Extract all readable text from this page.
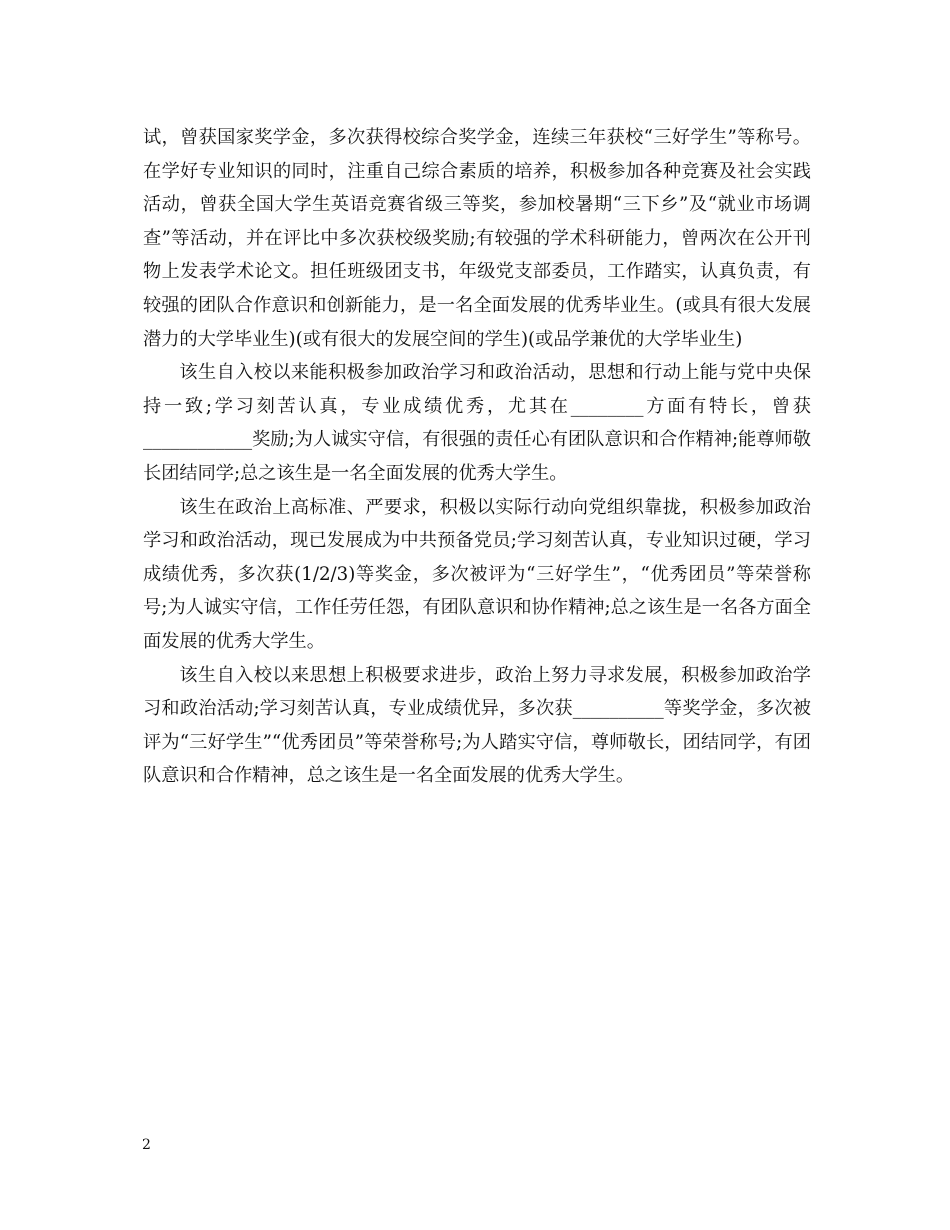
试，曾获国家奖学金，多次获得校综合奖学金，连续三年获校“三好学生”等称号。在学好专业知识的同时，注重自己综合素质的培养，积极参加各种竞赛及社会实践活动，曾获全国大学生英语竞赛省级三等奖，参加校暑期“三下乡”及“就业市场调查”等活动，并在评比中多次获校级奖励;有较强的学术科研能力，曾两次在公开刊物上发表学术论文。担任班级团支书，年级党支部委员，工作踏实，认真负责，有较强的团队合作意识和创新能力，是一名全面发展的优秀毕业生。(或具有很大发展潜力的大学毕业生)(或有很大的发展空间的学生)(或品学兼优的大学毕业生)

该生自入校以来能积极参加政治学习和政治活动，思想和行动上能与党中央保持一致;学习刻苦认真，专业成绩优秀，尤其在________方面有特长，曾获____________奖励;为人诚实守信，有很强的责任心有团队意识和合作精神;能尊师敬长团结同学;总之该生是一名全面发展的优秀大学生。

该生在政治上高标准、严要求，积极以实际行动向党组织靠拢，积极参加政治学习和政治活动，现已发展成为中共预备党员;学习刻苦认真，专业知识过硬，学习成绩优秀，多次获(1/2/3)等奖金，多次被评为“三好学生”，“优秀团员”等荣誉称号;为人诚实守信，工作任劳任怨，有团队意识和协作精神;总之该生是一名各方面全面发展的优秀大学生。

该生自入校以来思想上积极要求进步，政治上努力寻求发展，积极参加政治学习和政治活动;学习刻苦认真，专业成绩优异，多次获__________等奖学金，多次被评为“三好学生”“优秀团员”等荣誉称号;为人踏实守信，尊师敬长，团结同学，有团队意识和合作精神，总之该生是一名全面发展的优秀大学生。

2
